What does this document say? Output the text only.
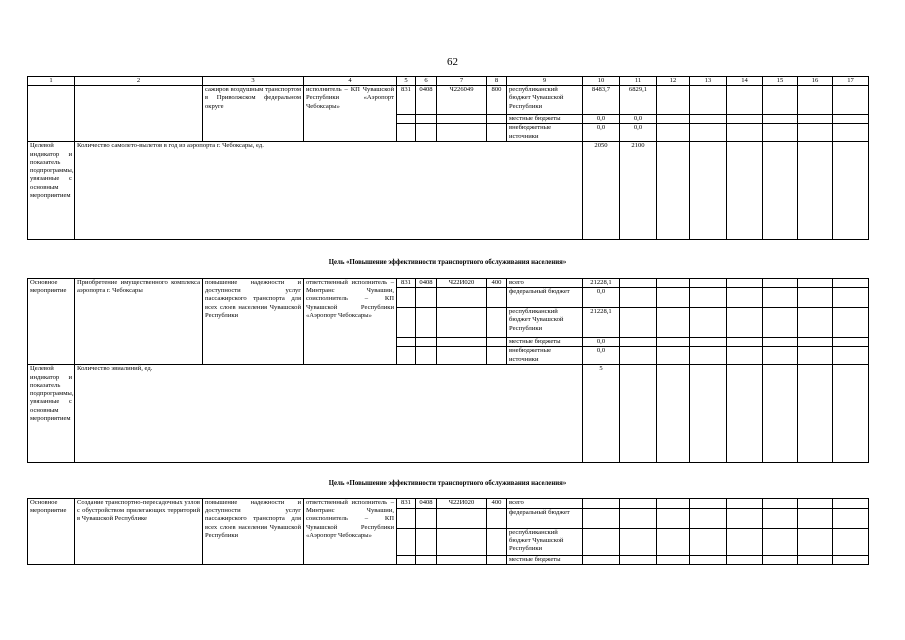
62
1	2	3	4	5	6	7	8	9	10	11	12	13	14	15	16	17
		сажиров воздушным транспортом в Приволжском федеральном округе	исполнитель – КП Чувашской Республики «Аэропорт Чебоксары»	831	0408	Ч226049	800	республиканский бюджет Чувашской Республики	8483,7	6829,1						
								местные бюджеты	0,0	0,0						
								внебюджетные источники	0,0	0,0						
Целевой индикатор и показатель подпрограммы, увязанные с основным мероприятием	Количество самолето-вылетов в год из аэропорта г. Чебоксары, ед.								2050	2100						
Цель «Повышение эффективности транспортного обслуживания населения»
Основное мероприятие	Приобретение имущественного комплекса аэропорта г. Чебоксары	повышение надежности и доступности услуг пассажирского транспорта для всех слоев населения Чувашской Республики	ответственный исполнитель – Минтранс Чувашии, соисполнитель – КП Чувашской Республики «Аэропорт Чебоксары»	831	0408	Ч22И020	400	всего	21228,1							
								федеральный бюджет	0,0							
								республиканский бюджет Чувашской Республики	21228,1							
								местные бюджеты	0,0							
								внебюджетные источники	0,0							
Целевой индикатор и показатель подпрограммы, увязанные с основным мероприятием	Количество эвиалиний, ед.								5							
Цель «Повышение эффективности транспортного обслуживания населения»
Основное мероприятие	Создание транспортно-пересадочных узлов с обустройством прилегающих территорий в Чувашской Республике	повышение надежности и доступности услуг пассажирского транспорта для всех слоев населения Чувашской Республики	ответственный исполнитель – Минтранс Чувашии, соисполнитель – КП Чувашской Республики «Аэропорт Чебоксары»	831	0408	Ч22И020	400	всего								
								федеральный бюджет								
								республиканский бюджет Чувашской Республики								
								местные бюджеты								
